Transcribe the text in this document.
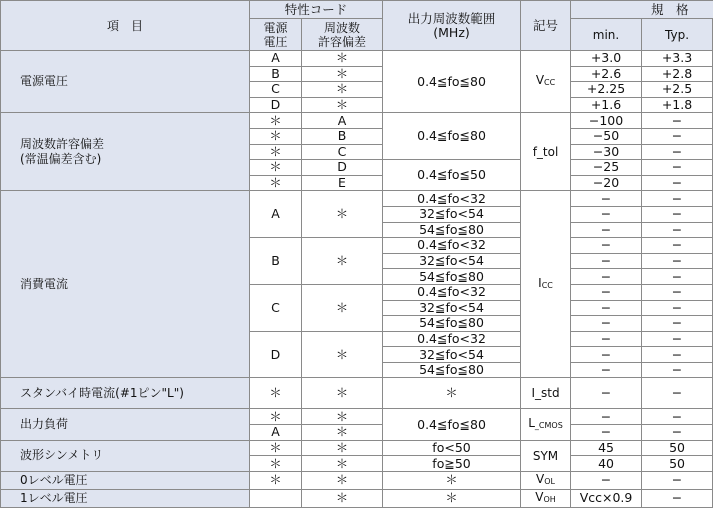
項　目	特性コード		出力周波数範囲
(MHz)	記号	規　格		
	電源
電圧	周波数
許容偏差			min.	Typ.	
電源電圧	A	＊	0.4≦fo≦80	VCC	+3.0	+3.3	
	B	＊			+2.6	+2.8	
	C	＊			+2.25	+2.5	
	D	＊			+1.6	+1.8	
周波数許容偏差
(常温偏差含む)	＊	A	0.4≦fo≦80	f_tol	−100	−	
	＊	B			−50	−	
	＊	C			−30	−	
	＊	D	0.4≦fo≦50		−25	−	
	＊	E			−20	−	
消費電流	A	＊	0.4≦fo<32	ICC	−	−	
			32≦fo<54		−	−	
			54≦fo≦80		−	−	
	B	＊	0.4≦fo<32		−	−	
			32≦fo<54		−	−	
			54≦fo≦80		−	−	
	C	＊	0.4≦fo<32		−	−	
			32≦fo<54		−	−	
			54≦fo≦80		−	−	
	D	＊	0.4≦fo<32		−	−	
			32≦fo<54		−	−	
			54≦fo≦80		−	−	
スタンバイ時電流(#1ピン"L")	＊	＊	＊	I_std	−	−	
出力負荷	＊	＊	0.4≦fo≦80	L_CMOS	−	−	
	A	＊			−	−	
波形シンメトリ	＊	＊	fo<50	SYM	45	50	
	＊	＊	fo≧50		40	50	
0レベル電圧	＊	＊	＊	VOL	−	−	
1レベル電圧		＊	＊	VOH	Vcc×0.9	−	
